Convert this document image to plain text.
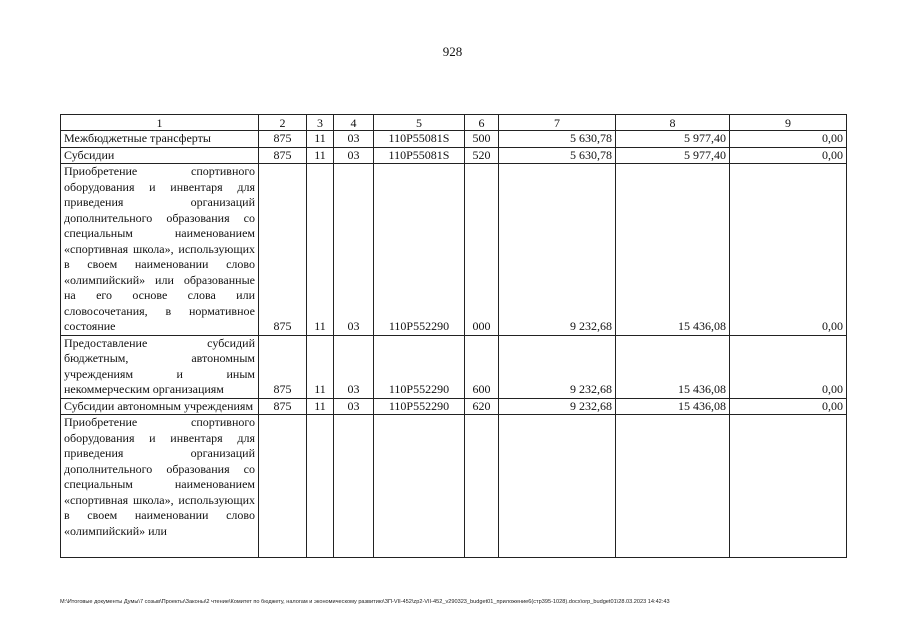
928
1	2	3	4	5	6	7	8	9
Межбюджетные трансферты	875	11	03	110P55081S	500	5 630,78	5 977,40	0,00
Субсидии	875	11	03	110P55081S	520	5 630,78	5 977,40	0,00
Приобретение спортивного оборудования и инвентаря для приведения организаций дополнительного образования со специальным наименованием «спортивная школа», использующих в своем наименовании слово «олимпийский» или образованные на его основе слова или словосочетания, в нормативное состояние	875	11	03	110P552290	000	9 232,68	15 436,08	0,00
Предоставление субсидий бюджетным, автономным учреждениям и иным некоммерческим организациям	875	11	03	110P552290	600	9 232,68	15 436,08	0,00
Субсидии автономным учреждениям	875	11	03	110P552290	620	9 232,68	15 436,08	0,00
Приобретение спортивного оборудования и инвентаря для приведения организаций дополнительного образования со специальным наименованием «спортивная школа», использующих в своем наименовании слово «олимпийский» или								
M:\Итоговые документы Думы\7 созыв\Проекты\Законы\2 чтение\Комитет по бюджету, налогам и экономическому развитию\ЗП-VII-452\zp2-VII-452_v290323_budget01_приложение6(стр395-1028).docx\orp_budget01\28.03.2023 14:42:43
